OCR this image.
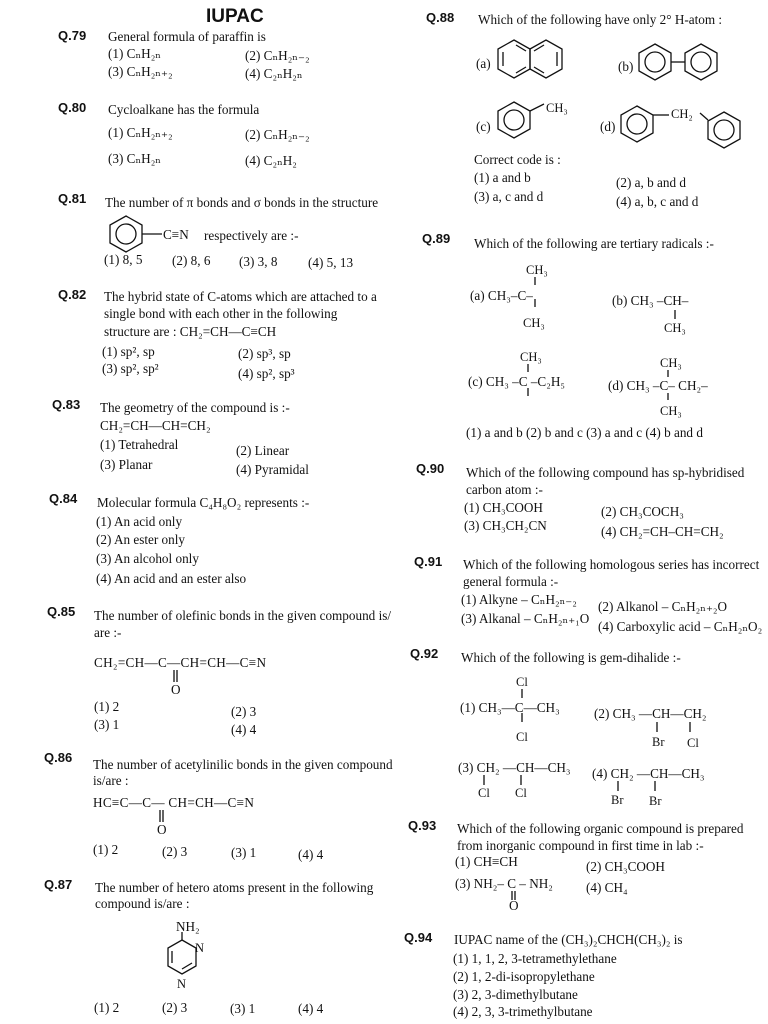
IUPAC
Q.79 General formula of paraffin is
(1) CₙH₂ₙ	(2) CₙH₂ₙ₋₂
(3) CₙH₂ₙ₊₂	(4) C₂ₙH₂ₙ
Q.80 Cycloalkane has the formula
(1) CₙH₂ₙ₊₂	(2) CₙH₂ₙ₋₂
(3) CₙH₂ₙ	(4) C₂ₙH₂
Q.81 The number of π bonds and σ bonds in the structure
C≡N respectively are :-
(1) 8, 5 (2) 8, 6 (3) 3, 8 (4) 5, 13
Q.82 The hybrid state of C-atoms which are attached to a
single bond with each other in the following
structure are : CH₂=CH—C≡CH
(1) sp², sp	(2) sp³, sp
(3) sp², sp²	(4) sp², sp³
Q.83 The geometry of the compound is :-
CH₂=CH—CH=CH₂
(1) Tetrahedral	(2) Linear
(3) Planar	(4) Pyramidal
Q.84 Molecular formula C₄H₈O₂ represents :-
(1) An acid only
(2) An ester only
(3) An alcohol only
(4) An acid and an ester also
Q.85 The number of olefinic bonds in the given compound is/
are :-
CH₂=CH—C—CH=CH—C≡N
O
(1) 2	(2) 3
(3) 1	(4) 4
Q.86 The number of acetylinilic bonds in the given compound
is/are :
HC≡C—C— CH=CH—C≡N
O
(1) 2	(2) 3	(3) 1	(4) 4
Q.87 The number of hetero atoms present in the following
compound is/are :
NH₂
N
N
(1) 2	(2) 3	(3) 1	(4) 4
Q.88 Which of the following have only 2° H-atom :
(a)	(b)
(c)
CH₃
(d)
CH₂
Correct code is :
(1) a and b	(2) a, b and d
(3) a, c and d	(4) a, b, c and d
Q.89 Which of the following are tertiary radicals :-
CH₃
(a) CH₃–C–
CH₃
(b) CH₃ –CH–
CH₃
CH₃
(c) CH₃ –C –C₂H₅
CH₃
(d) CH₃ –C– CH₂–
CH₃
(1) a and b (2) b and c (3) a and c (4) b and d
Q.90 Which of the following compound has sp-hybridised
carbon atom :-
(1) CH₃COOH	(2) CH₃COCH₃
(3) CH₃CH₂CN	(4) CH₂=CH–CH=CH₂
Q.91 Which of the following homologous series has incorrect
general formula :-
(1) Alkyne – CₙH₂ₙ₋₂ (2) Alkanol – CₙH₂ₙ₊₂O
(3) Alkanal – CₙH₂ₙ₊₁O
(4) Carboxylic acid – CₙH₂ₙO₂
Q.92 Which of the following is gem-dihalide :-
Cl
(1) CH₃—C—CH₃
Cl
(2) CH₃ —CH—CH₂
Br Cl
(3) CH₂ —CH—CH₃
Cl Cl
(4) CH₂ —CH—CH₃
Br Br
Q.93 Which of the following organic compound is prepared
from inorganic compound in first time in lab :-
(1) CH≡CH	(2) CH₃COOH
(3) NH₂– C – NH₂
O
(4) CH₄
Q.94 IUPAC name of the (CH₃)₂CHCH(CH₃)₂ is
(1) 1, 1, 2, 3-tetramethylethane
(2) 1, 2-di-isopropylethane
(3) 2, 3-dimethylbutane
(4) 2, 3, 3-trimethylbutane
